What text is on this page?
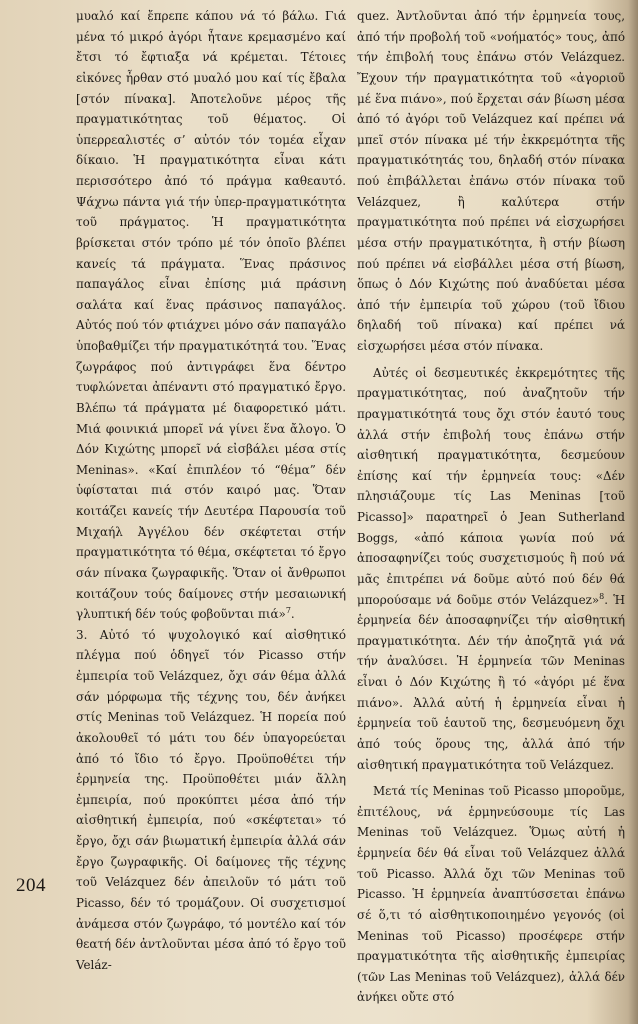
μυαλό καί ἔπρεπε κάπου νά τό βάλω. Γιά μένα τό μικρό ἀγόρι ἦτανε κρεμασμένο καί ἔτσι τό ἔφτιαξα νά κρέμεται. Τέτοιες εἰκόνες ἦρθαν στό μυαλό μου καί τίς ἔβαλα [στόν πίνακα]. Ἀποτελοῦνε μέρος τῆς πραγματικότητας τοῦ θέματος. Οἱ ὑπερρεαλιστές σ’ αὐτόν τόν τομέα εἶχαν δίκαιο. Ἡ πραγματικότητα εἶναι κάτι περισσότερο ἀπό τό πράγμα καθεαυτό. Ψάχνω πάντα γιά τήν ὑπερ-πραγματικότητα τοῦ πράγματος. Ἡ πραγματικότητα βρίσκεται στόν τρόπο μέ τόν ὁποῖο βλέπει κανείς τά πράγματα. Ἕνας πράσινος παπαγάλος εἶναι ἐπίσης μιά πράσινη σαλάτα καί ἕνας πράσινος παπαγάλος. Αὐτός πού τόν φτιάχνει μόνο σάν παπαγάλο ὑποβαθμίζει τήν πραγματικότητά του. Ἕνας ζωγράφος πού ἀντιγράφει ἕνα δέντρο τυφλώνεται ἀπέναντι στό πραγματικό ἔργο. Βλέπω τά πράγματα μέ διαφορετικό μάτι. Μιά φοινικιά μπορεῖ νά γίνει ἕνα ἄλογο. Ὁ Δόν Κιχώτης μπορεῖ νά εἰσβάλει μέσα στίς Meninas». «Καί ἐπιπλέον τό “θέμα” δέν ὑφίσταται πιά στόν καιρό μας. Ὅταν κοιτάζει κανείς τήν Δευτέρα Παρουσία τοῦ Μιχαήλ Ἀγγέλου δέν σκέφτεται στήν πραγματικότητα τό θέμα, σκέφτεται τό ἔργο σάν πίνακα ζωγραφικῆς. Ὅταν οἱ ἄνθρωποι κοιτάζουν τούς δαίμονες στήν μεσαιωνική γλυπτική δέν τούς φοβοῦνται πιά»$^7$.

3. Αὐτό τό ψυχολογικό καί αἰσθητικό πλέγμα πού ὁδηγεῖ τόν Picasso στήν ἐμπειρία τοῦ Velázquez, ὄχι σάν θέμα ἀλλά σάν μόρφωμα τῆς τέχνης του, δέν ἀνήκει στίς Meninas τοῦ Velázquez. Ἡ πορεία πού ἀκολουθεῖ τό μάτι του δέν ὑπαγορεύεται ἀπό τό ἴδιο τό ἔργο. Προϋποθέτει τήν ἑρμηνεία της. Προϋποθέτει μιάν ἄλλη ἐμπειρία, πού προκύπτει μέσα ἀπό τήν αἰσθητική ἐμπειρία, πού «σκέφτεται» τό ἔργο, ὄχι σάν βιωματική ἐμπειρία ἀλλά σάν ἔργο ζωγραφικῆς. Οἱ δαίμονες τῆς τέχνης τοῦ Velázquez δέν ἀπειλοῦν τό μάτι τοῦ Picasso, δέν τό τρομάζουν. Οἱ συσχετισμοί ἀνάμεσα στόν ζωγράφο, τό μοντέλο καί τόν θεατή δέν ἀντλοῦνται μέσα ἀπό τό ἔργο τοῦ Veláz-

quez. Ἀντλοῦνται ἀπό τήν ἑρμηνεία τους, ἀπό τήν προβολή τοῦ «νοήματός» τους, ἀπό τήν ἐπιβολή τους ἐπάνω στόν Velázquez. Ἔχουν τήν πραγματικότητα τοῦ «ἀγοριοῦ μέ ἕνα πιάνο», πού ἔρχεται σάν βίωση μέσα ἀπό τό ἀγόρι τοῦ Velázquez καί πρέπει νά μπεῖ στόν πίνακα μέ τήν ἐκκρεμότητα τῆς πραγματικότητάς του, δηλαδή στόν πίνακα πού ἐπιβάλλεται ἐπάνω στόν πίνακα τοῦ Velázquez, ἢ καλύτερα στήν πραγματικότητα πού πρέπει νά εἰσχωρήσει μέσα στήν πραγματικότητα, ἢ στήν βίωση πού πρέπει νά εἰσβάλλει μέσα στή βίωση, ὅπως ὁ Δόν Κιχώτης πού ἀναδύεται μέσα ἀπό τήν ἐμπειρία τοῦ χώρου (τοῦ ἴδιου δηλαδή τοῦ πίνακα) καί πρέπει νά εἰσχωρήσει μέσα στόν πίνακα.

Αὐτές οἱ δεσμευτικές ἐκκρεμότητες τῆς πραγματικότητας, πού ἀναζητοῦν τήν πραγματικότητά τους ὄχι στόν ἑαυτό τους ἀλλά στήν ἐπιβολή τους ἐπάνω στήν αἰσθητική πραγματικότητα, δεσμεύουν ἐπίσης καί τήν ἑρμηνεία τους: «Δέν πλησιάζουμε τίς Las Meninas [τοῦ Picasso]» παρατηρεῖ ὁ Jean Sutherland Boggs, «ἀπό κάποια γωνία πού νά ἀποσαφηνίζει τούς συσχετισμούς ἢ πού νά μᾶς ἐπιτρέπει νά δοῦμε αὐτό πού δέν θά μπορούσαμε νά δοῦμε στόν Velázquez»$^8$. Ἡ ἑρμηνεία δέν ἀποσαφηνίζει τήν αἰσθητική πραγματικότητα. Δέν τήν ἀποζητᾶ γιά νά τήν ἀναλύσει. Ἡ ἑρμηνεία τῶν Meninas εἶναι ὁ Δόν Κιχώτης ἢ τό «ἀγόρι μέ ἕνα πιάνο». Ἀλλά αὐτή ἡ ἑρμηνεία εἶναι ἡ ἑρμηνεία τοῦ ἑαυτοῦ της, δεσμευόμενη ὄχι ἀπό τούς ὅρους της, ἀλλά ἀπό τήν αἰσθητική πραγματικότητα τοῦ Velázquez.

Μετά τίς Meninas τοῦ Picasso μποροῦμε, ἐπιτέλους, νά ἑρμηνεύσουμε τίς Las Meninas τοῦ Velázquez. Ὅμως αὐτή ἡ ἑρμηνεία δέν θά εἶναι τοῦ Velázquez ἀλλά τοῦ Picasso. Ἀλλά ὄχι τῶν Meninas τοῦ Picasso. Ἡ ἑρμηνεία ἀναπτύσσεται ἐπάνω σέ ὅ,τι τό αἰσθητικοποιημένο γεγονός (οἱ Meninas τοῦ Picasso) προσέφερε στήν πραγματικότητα τῆς αἰσθητικῆς ἐμπειρίας (τῶν Las Meninas τοῦ Velázquez), ἀλλά δέν ἀνήκει οὔτε στό

204
